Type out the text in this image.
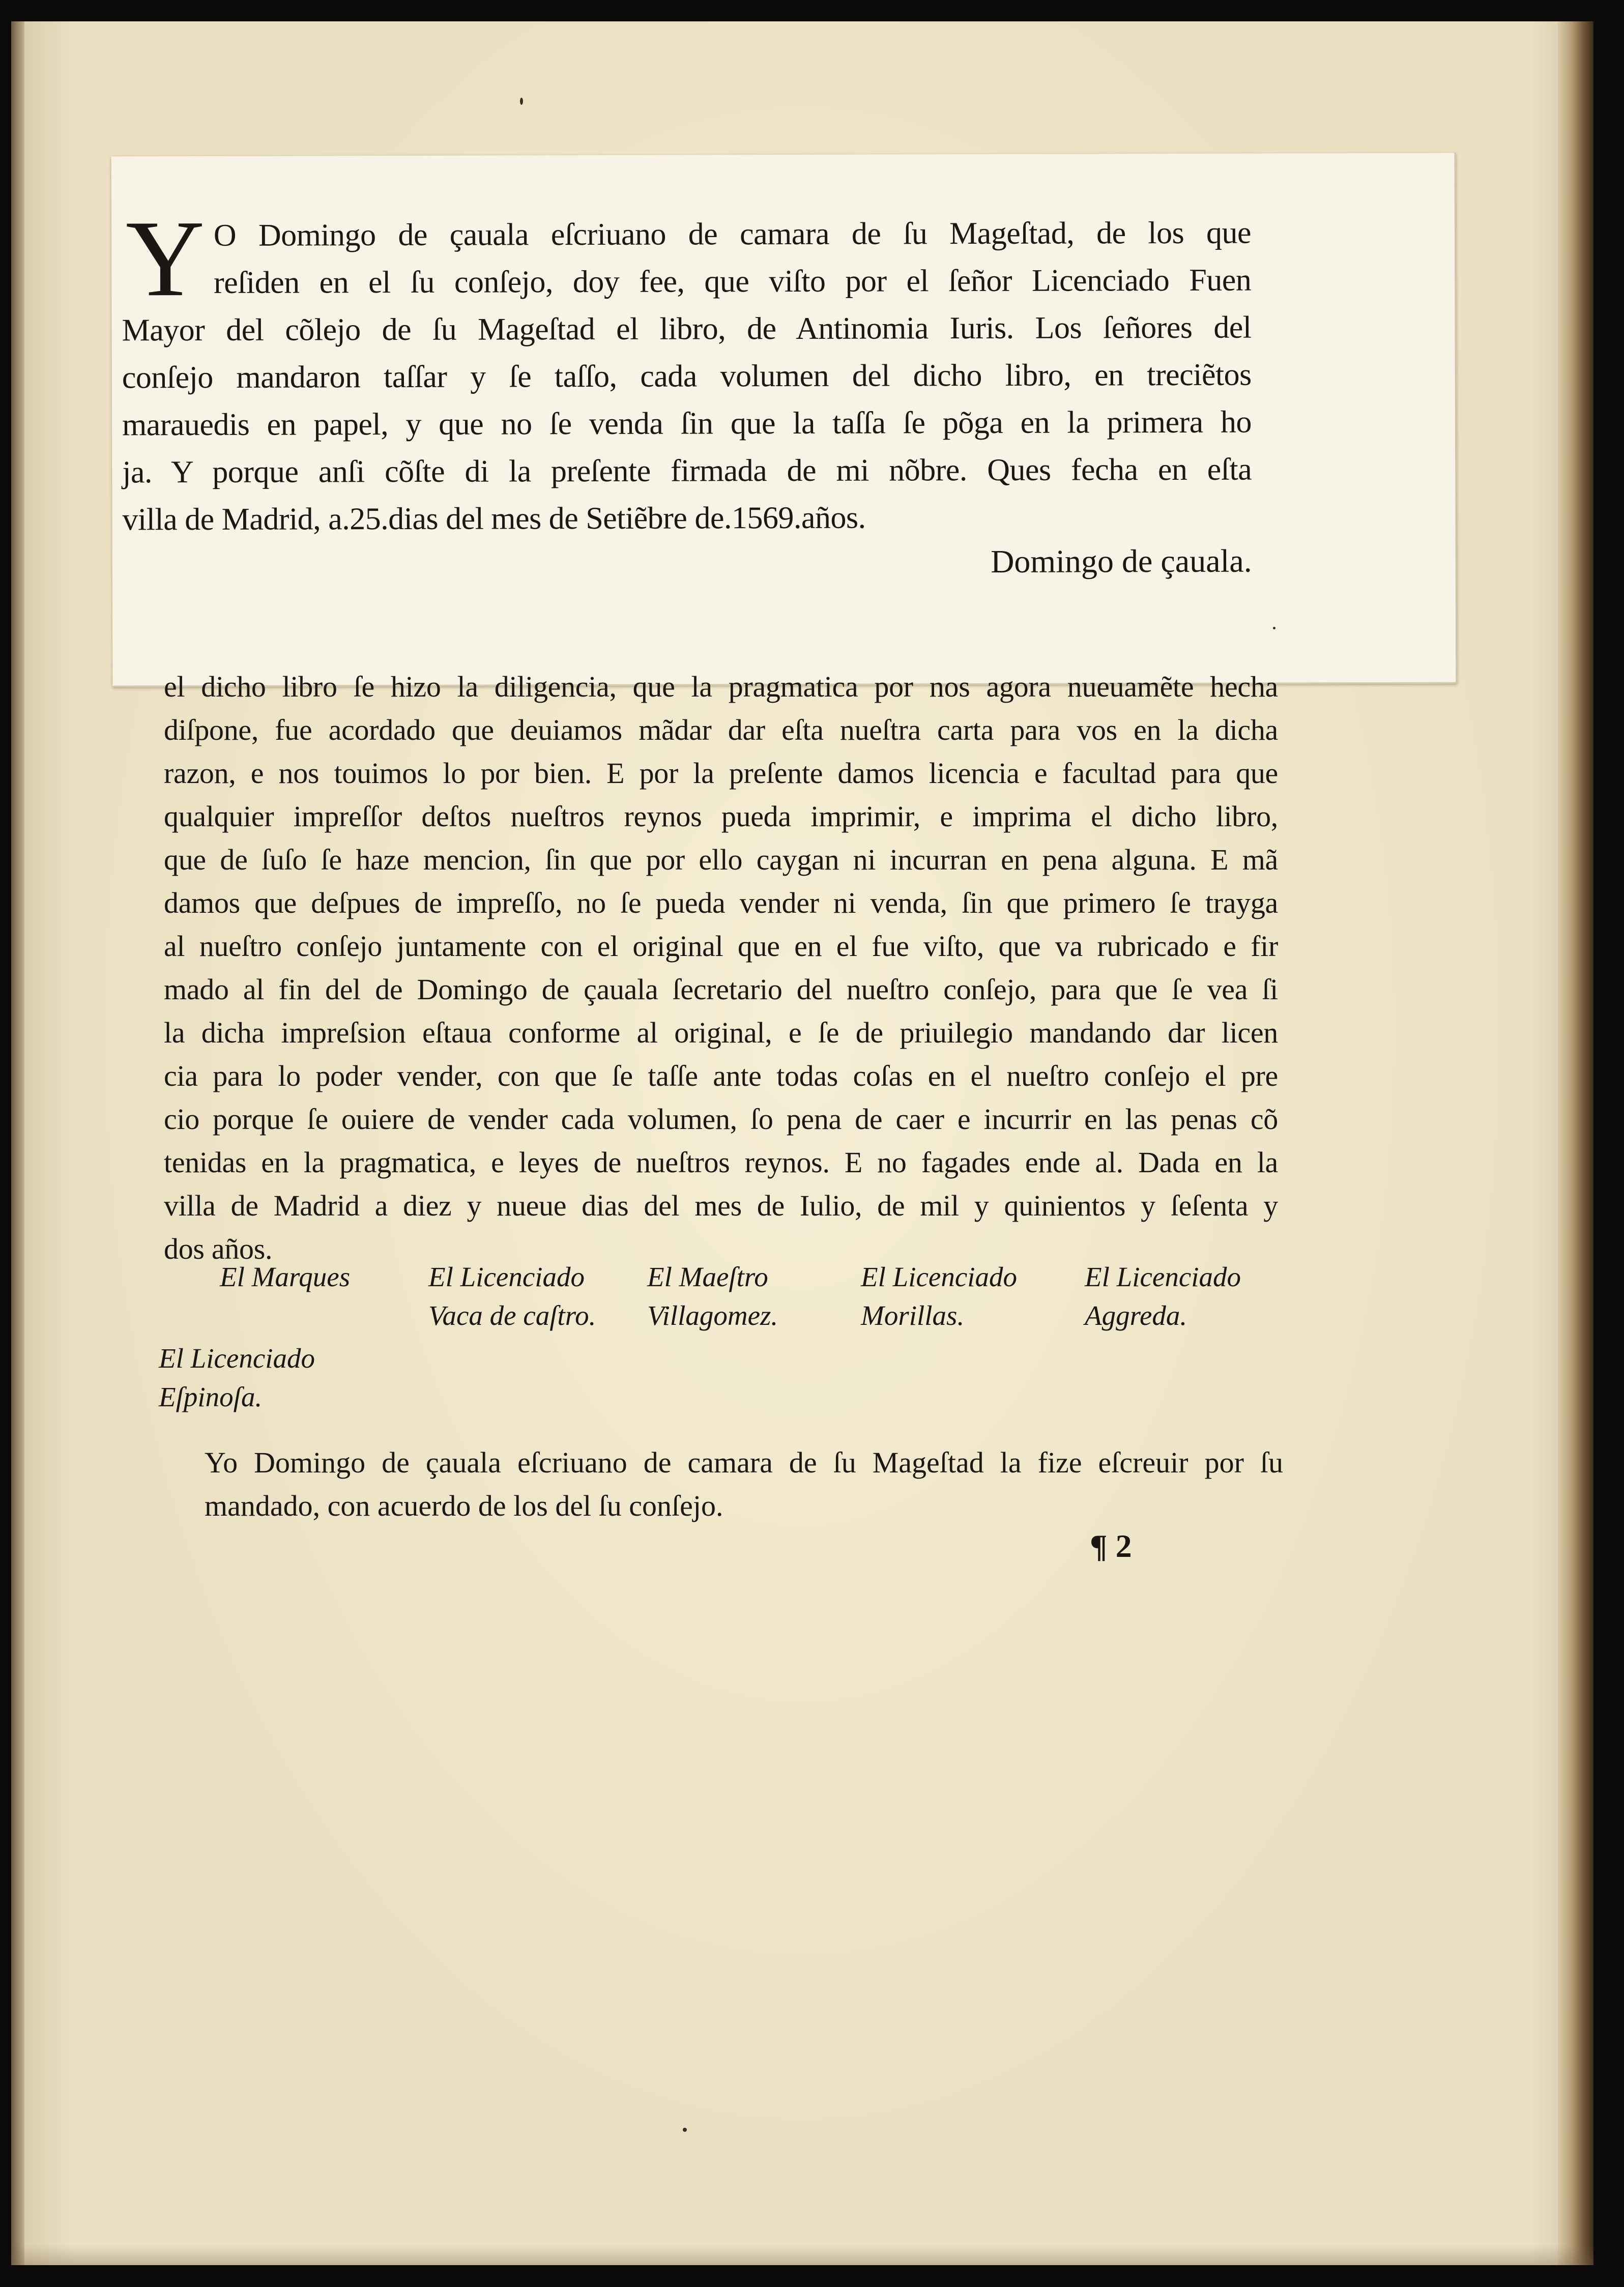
Y O Domingo de çauala eſcriuano de camara de ſu Mageſtad, de los que
reſiden en el ſu conſejo, doy fee, que viſto por el ſeñor Licenciado Fuen
Mayor del cõlejo de ſu Mageſtad el libro, de Antinomia Iuris. Los ſeñores del
conſejo mandaron taſſar y ſe taſſo, cada volumen del dicho libro, en treciẽtos
marauedis en papel, y que no ſe venda ſin que la taſſa ſe põga en la primera ho
ja. Y porque anſi cõſte di la preſente firmada de mi nõbre. Ques fecha en eſta
villa de Madrid, a.25.dias del mes de Setiẽbre de.1569.años.
Domingo de çauala.
el dicho libro ſe hizo la diligencia, que la pragmatica por nos agora nueuamẽte hecha
diſpone, fue acordado que deuiamos mãdar dar eſta nueſtra carta para vos en la dicha
razon, e nos touimos lo por bien. E por la preſente damos licencia e facultad para que
qualquier impreſſor deſtos nueſtros reynos pueda imprimir, e imprima el dicho libro,
que de ſuſo ſe haze mencion, ſin que por ello caygan ni incurran en pena alguna. E mã
damos que deſpues de impreſſo, no ſe pueda vender ni venda, ſin que primero ſe trayga
al nueſtro conſejo juntamente con el original que en el fue viſto, que va rubricado e fir
mado al fin del de Domingo de çauala ſecretario del nueſtro conſejo, para que ſe vea ſi
la dicha impreſsion eſtaua conforme al original, e ſe de priuilegio mandando dar licen
cia para lo poder vender, con que ſe taſſe ante todas coſas en el nueſtro conſejo el pre
cio porque ſe ouiere de vender cada volumen, ſo pena de caer e incurrir en las penas cõ
tenidas en la pragmatica, e leyes de nueſtros reynos. E no fagades ende al. Dada en la
villa de Madrid a diez y nueue dias del mes de Iulio, de mil y quinientos y ſeſenta y
dos años.
El Marques	El Licenciado
Vaca de caſtro.
El Maeſtro
Villagomez.
El Licenciado
Morillas.
El Licenciado
Aggreda.
El Licenciado
Eſpinoſa.
Yo Domingo de çauala eſcriuano de camara de ſu Mageſtad la fize eſcreuir por ſu
mandado, con acuerdo de los del ſu conſejo.
¶ 2
